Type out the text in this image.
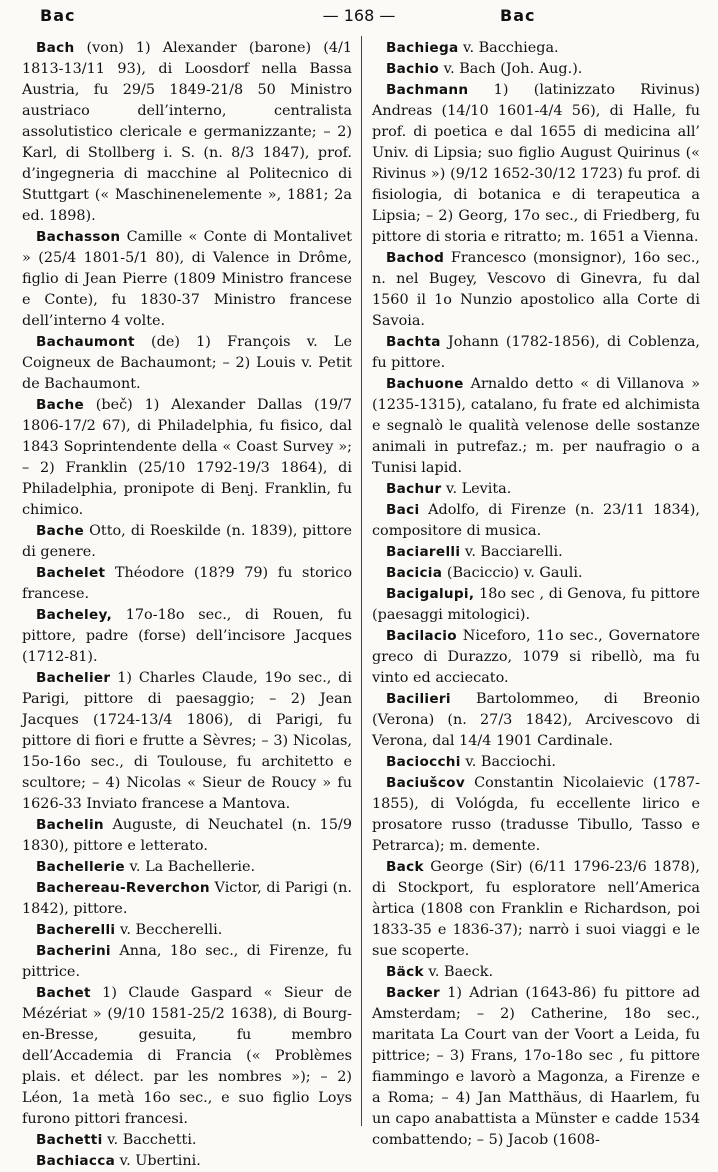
Bac	— 168 —	Bac

Bach (von) 1) Alexander (barone) (4/1 1813-13/11 93), di Loosdorf nella Bassa Austria, fu 29/5 1849-21/8 50 Ministro austriaco dell’interno, centralista assolutistico clericale e germanizzante; – 2) Karl, di Stollberg i. S. (n. 8/3 1847), prof. d’ingegneria di macchine al Politecnico di Stuttgart (« Maschinenelemente », 1881; 2a ed. 1898).

Bachasson Camille « Conte di Montalivet » (25/4 1801-5/1 80), di Valence in Drôme, figlio di Jean Pierre (1809 Ministro francese e Conte), fu 1830-37 Ministro francese dell’interno 4 volte.

Bachaumont (de) 1) François v. Le Coigneux de Bachaumont; – 2) Louis v. Petit de Bachaumont.

Bache (beč) 1) Alexander Dallas (19/7 1806-17/2 67), di Philadelphia, fu fisico, dal 1843 Soprintendente della « Coast Survey »; – 2) Franklin (25/10 1792-19/3 1864), di Philadelphia, pronipote di Benj. Franklin, fu chimico.

Bache Otto, di Roeskilde (n. 1839), pittore di genere.

Bachelet Théodore (18?9 79) fu storico francese.

Bacheley, 17o-18o sec., di Rouen, fu pittore, padre (forse) dell’incisore Jacques (1712-81).

Bachelier 1) Charles Claude, 19o sec., di Parigi, pittore di paesaggio; – 2) Jean Jacques (1724-13/4 1806), di Parigi, fu pittore di fiori e frutte a Sèvres; – 3) Nicolas, 15o-16o sec., di Toulouse, fu architetto e scultore; – 4) Nicolas « Sieur de Roucy » fu 1626-33 Inviato francese a Mantova.

Bachelin Auguste, di Neuchatel (n. 15/9 1830), pittore e letterato.

Bachellerie v. La Bachellerie.

Bachereau-Reverchon Victor, di Parigi (n. 1842), pittore.

Bacherelli v. Beccherelli.

Bacherini Anna, 18o sec., di Firenze, fu pittrice.

Bachet 1) Claude Gaspard « Sieur de Mézériat » (9/10 1581-25/2 1638), di Bourg-en-Bresse, gesuita, fu membro dell’Accademia di Francia (« Problèmes plais. et délect. par les nombres »); – 2) Léon, 1a metà 16o sec., e suo figlio Loys furono pittori francesi.

Bachetti v. Bacchetti.

Bachiacca v. Ubertini.

Bachiega v. Bacchiega.

Bachio v. Bach (Joh. Aug.).

Bachmann 1) (latinizzato Rivinus) Andreas (14/10 1601-4/4 56), di Halle, fu prof. di poetica e dal 1655 di medicina all’ Univ. di Lipsia; suo figlio August Quirinus (« Rivinus ») (9/12 1652-30/12 1723) fu prof. di fisiologia, di botanica e di terapeutica a Lipsia; – 2) Georg, 17o sec., di Friedberg, fu pittore di storia e ritratto; m. 1651 a Vienna.

Bachod Francesco (monsignor), 16o sec., n. nel Bugey, Vescovo di Ginevra, fu dal 1560 il 1o Nunzio apostolico alla Corte di Savoia.

Bachta Johann (1782-1856), di Coblenza, fu pittore.

Bachuone Arnaldo detto « di Villanova » (1235-1315), catalano, fu frate ed alchimista e segnalò le qualità velenose delle sostanze animali in putrefaz.; m. per naufragio o a Tunisi lapid.

Bachur v. Levita.

Baci Adolfo, di Firenze (n. 23/11 1834), compositore di musica.

Baciarelli v. Bacciarelli.

Bacicia (Baciccio) v. Gauli.

Bacigalupi, 18o sec , di Genova, fu pittore (paesaggi mitologici).

Bacilacio Niceforo, 11o sec., Governatore greco di Durazzo, 1079 si ribellò, ma fu vinto ed acciecato.

Bacilieri Bartolommeo, di Breonio (Verona) (n. 27/3 1842), Arcivescovo di Verona, dal 14/4 1901 Cardinale.

Baciocchi v. Bacciochi.

Baciušcov Constantin Nicolaievic (1787-1855), di Vológda, fu eccellente lirico e prosatore russo (tradusse Tibullo, Tasso e Petrarca); m. demente.

Back George (Sir) (6/11 1796-23/6 1878), di Stockport, fu esploratore nell’America àrtica (1808 con Franklin e Richardson, poi 1833-35 e 1836-37); narrò i suoi viaggi e le sue scoperte.

Bäck v. Baeck.

Backer 1) Adrian (1643-86) fu pittore ad Amsterdam; – 2) Catherine, 18o sec., maritata La Court van der Voort a Leida, fu pittrice; – 3) Frans, 17o-18o sec , fu pittore fiammingo e lavorò a Magonza, a Firenze e a Roma; – 4) Jan Matthäus, di Haarlem, fu un capo anabattista a Münster e cadde 1534 combattendo; – 5) Jacob (1608-
